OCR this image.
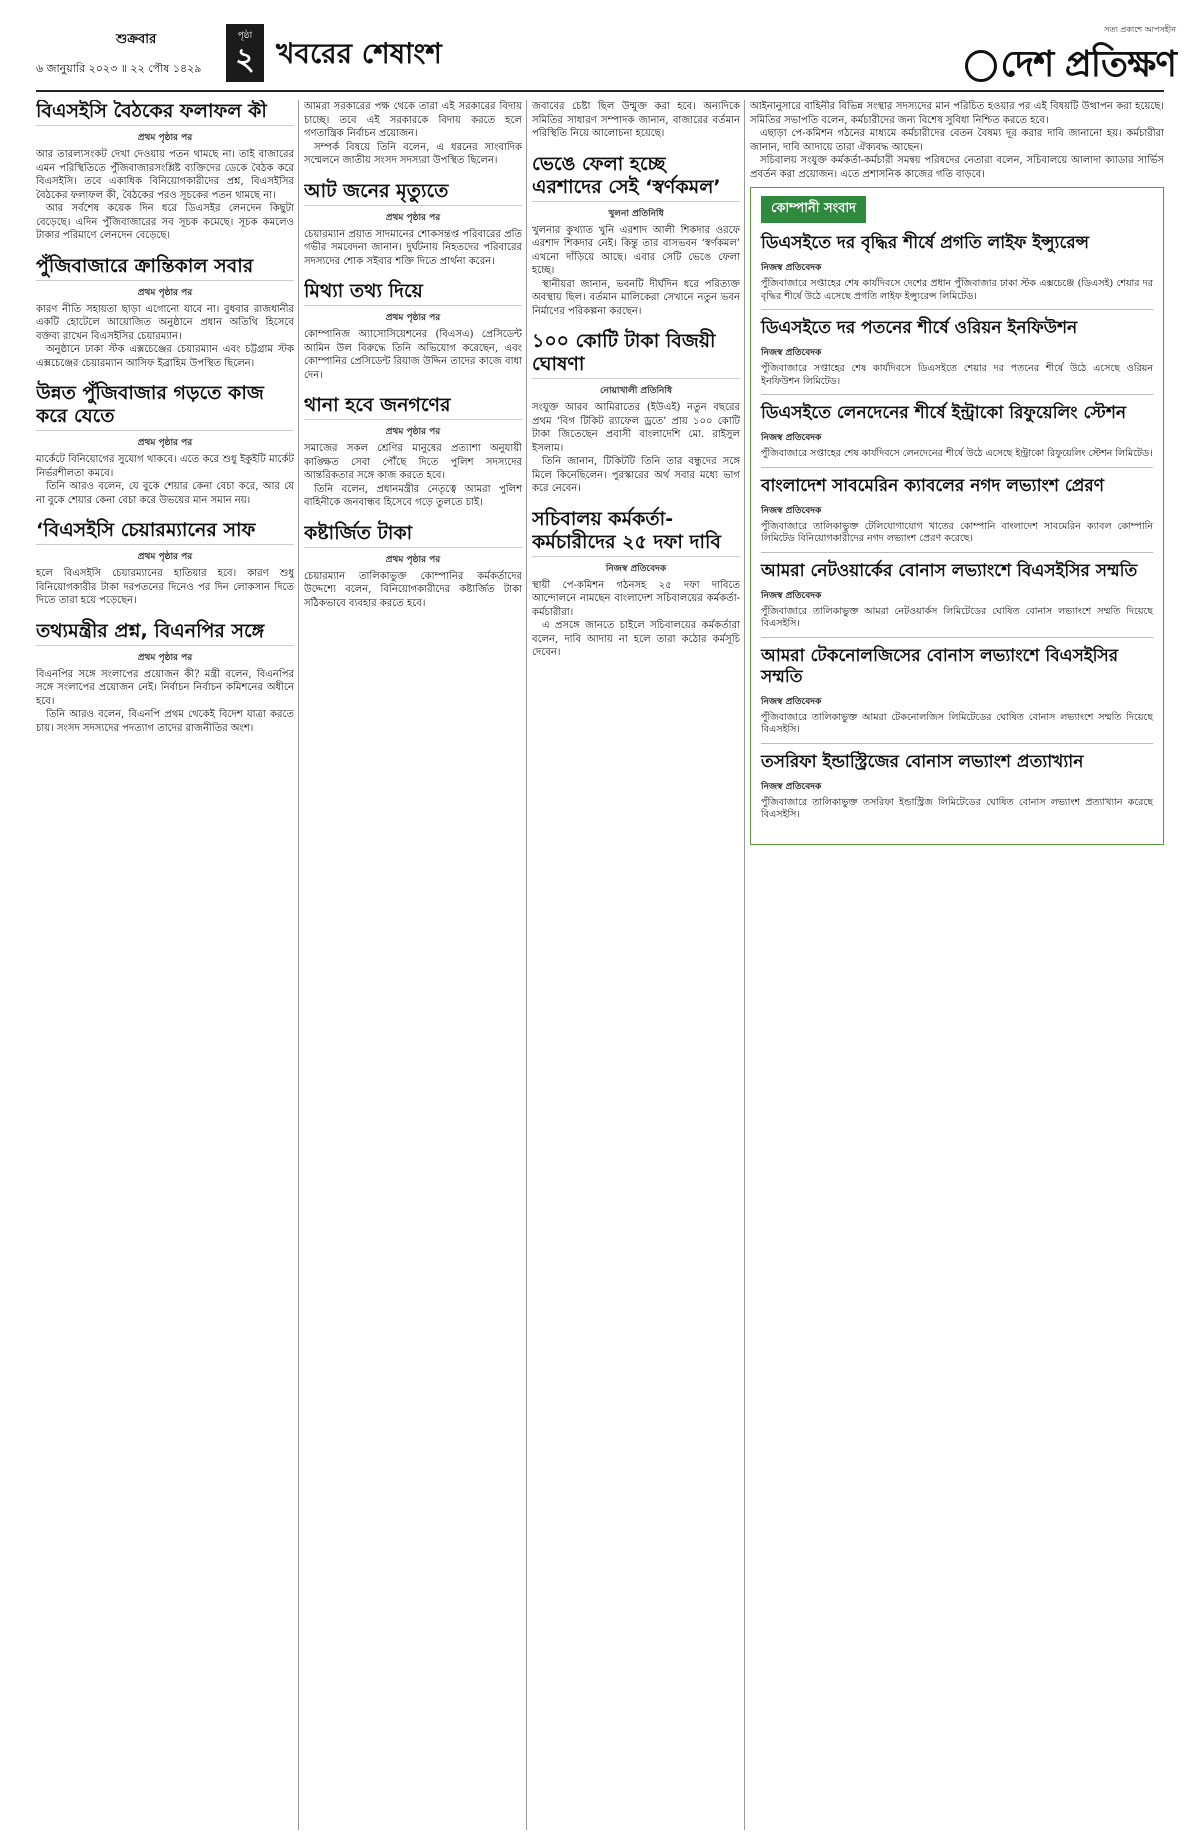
শুক্রবার
৬ জানুয়ারি ২০২৩ ॥ ২২ পৌষ ১৪২৯
পৃষ্ঠা
২ খবরের শেষাংশ
সত্য প্রকাশে আপসহীন
দেশ প্রতিক্ষণ
বিএসইসি বৈঠকের ফলাফল কী
প্রথম পৃষ্ঠার পর

আর তারল্যসংকট দেখা দেওয়ায় পতন থামছে না। তাই বাজারের এমন পরিস্থিতিতে পুঁজিবাজারসংশ্লিষ্ট ব্যক্তিদের ডেকে বৈঠক করে বিএসইসি। তবে একাধিক বিনিয়োগকারীদের প্রশ্ন, বিএসইসির বৈঠকের ফলাফল কী, বৈঠকের পরও সূচকের পতন থামছে না।

আর সর্বশেষ কয়েক দিন ধরে ডিএসইর লেনদেন কিছুটা বেড়েছে। এদিন পুঁজিবাজারের সব সূচক কমেছে। সূচক কমলেও টাকার পরিমাণে লেনদেন বেড়েছে।

পুঁজিবাজারে ক্রান্তিকাল সবার
প্রথম পৃষ্ঠার পর

কারণ নীতি সহায়তা ছাড়া এগোনো যাবে না। বুধবার রাজধানীর একটি হোটেলে আয়োজিত অনুষ্ঠানে প্রধান অতিথি হিসেবে বক্তব্য রাখেন বিএসইসির চেয়ারম্যান।

অনুষ্ঠানে ঢাকা স্টক এক্সচেঞ্জের চেয়ারম্যান এবং চট্টগ্রাম স্টক এক্সচেঞ্জের চেয়ারম্যান আসিফ ইব্রাহিম উপস্থিত ছিলেন।

উন্নত পুঁজিবাজার গড়তে কাজ করে যেতে
প্রথম পৃষ্ঠার পর

মার্কেটে বিনিয়োগের সুযোগ থাকবে। এতে করে শুধু ইকুইটি মার্কেট নির্ভরশীলতা কমবে।

তিনি আরও বলেন, যে বুকে শেয়ার কেনা বেচা করে, আর যে না বুকে শেয়ার কেনা বেচা করে উভয়ের মান সমান নয়।

‘বিএসইসি চেয়ারম্যানের সাফ
প্রথম পৃষ্ঠার পর

হলে বিএসইসি চেয়ারম্যানের হাতিয়ার হবে। কারণ শুধু বিনিয়োগকারীর টাকা দরপতনের দিনেও পর দিন লোকসান দিতে দিতে তারা হয়ে পড়েছেন।

তথ্যমন্ত্রীর প্রশ্ন, বিএনপির সঙ্গে
প্রথম পৃষ্ঠার পর

বিএনপির সঙ্গে সংলাপের প্রয়োজন কী? মন্ত্রী বলেন, বিএনপির সঙ্গে সংলাপের প্রয়োজন নেই। নির্বাচন নির্বাচন কমিশনের অধীনে হবে।

তিনি আরও বলেন, বিএনপি প্রথম থেকেই বিদেশ যাত্রা করতে চায়। সংসদ সদস্যদের পদত্যাগ তাদের রাজনীতির অংশ।

আমরা সরকারের পক্ষ থেকে তারা এই সরকারের বিদায় চাচ্ছে। তবে এই সরকারকে বিদায় করতে হলে গণতান্ত্রিক নির্বাচন প্রয়োজন।

সম্পর্ক বিষয়ে তিনি বলেন, এ ধরনের সাংবাদিক সম্মেলনে জাতীয় সংসদ সদস্যরা উপস্থিত ছিলেন।

আট জনের মৃত্যুতে
প্রথম পৃষ্ঠার পর

চেয়ারম্যান প্রয়াত সাদমানের শোকসন্তপ্ত পরিবারের প্রতি গভীর সমবেদনা জানান। দুর্ঘটনায় নিহতদের পরিবারের সদস্যদের শোক সইবার শক্তি দিতে প্রার্থনা করেন।

মিথ্যা তথ্য দিয়ে
প্রথম পৃষ্ঠার পর

কোম্পানিজ অ্যাসোসিয়েশনের (বিএসএ) প্রেসিডেন্ট আমিন উল বিরুদ্ধে তিনি অভিযোগ করেছেন, এবং কোম্পানির প্রেসিডেন্ট রিয়াজ উদ্দিন তাদের কাজে বাধা দেন।

থানা হবে জনগণের
প্রথম পৃষ্ঠার পর

সমাজের সকল শ্রেণির মানুষের প্রত্যাশা অনুযায়ী কাঙ্ক্ষিত সেবা পৌঁছে দিতে পুলিশ সদস্যদের আন্তরিকতার সঙ্গে কাজ করতে হবে।

তিনি বলেন, প্রধানমন্ত্রীর নেতৃত্বে আমরা পুলিশ বাহিনীকে জনবান্ধব হিসেবে গড়ে তুলতে চাই।

কষ্টার্জিত টাকা
প্রথম পৃষ্ঠার পর

চেয়ারম্যান তালিকাভুক্ত কোম্পানির কর্মকর্তাদের উদ্দেশ্যে বলেন, বিনিয়োগকারীদের কষ্টার্জিত টাকা সঠিকভাবে ব্যবহার করতে হবে।

জবাবের চেষ্টা ছিল উন্মুক্ত করা হবে। অন্যদিকে সমিতির সাধারণ সম্পাদক জানান, বাজারের বর্তমান পরিস্থিতি নিয়ে আলোচনা হয়েছে।

ভেঙে ফেলা হচ্ছে এরশাদের সেই ‘স্বর্ণকমল’
খুলনা প্রতিনিধি

খুলনার কুখ্যাত খুনি এরশাদ আলী শিকদার ওরফে এরশাদ শিকদার নেই। কিন্তু তার বাসভবন ‘স্বর্ণকমল’ এখনো দাঁড়িয়ে আছে। এবার সেটি ভেঙে ফেলা হচ্ছে।

স্থানীয়রা জানান, ভবনটি দীর্ঘদিন ধরে পরিত্যক্ত অবস্থায় ছিল। বর্তমান মালিকেরা সেখানে নতুন ভবন নির্মাণের পরিকল্পনা করছেন।

১০০ কোটি টাকা বিজয়ী ঘোষণা
নোয়াখালী প্রতিনিধি

সংযুক্ত আরব আমিরাতের (ইউএই) নতুন বছরের প্রথম ‘বিগ টিকিট র‍্যাফেল ড্রতে’ প্রায় ১০০ কোটি টাকা জিতেছেন প্রবাসী বাংলাদেশি মো. রাইসুল ইসলাম।

তিনি জানান, টিকিটটি তিনি তার বন্ধুদের সঙ্গে মিলে কিনেছিলেন। পুরস্কারের অর্থ সবার মধ্যে ভাগ করে নেবেন।

সচিবালয় কর্মকর্তা-কর্মচারীদের ২৫ দফা দাবি
নিজস্ব প্রতিবেদক

স্থায়ী পে-কমিশন গঠনসহ ২৫ দফা দাবিতে আন্দোলনে নামছেন বাংলাদেশ সচিবালয়ের কর্মকর্তা-কর্মচারীরা।

এ প্রসঙ্গে জানতে চাইলে সচিবালয়ের কর্মকর্তারা বলেন, দাবি আদায় না হলে তারা কঠোর কর্মসূচি দেবেন।

আইনানুসারে বাহিনীর বিভিন্ন সংস্থার সদস্যদের মান পরিচিত হওয়ার পর এই বিষয়টি উত্থাপন করা হয়েছে। সমিতির সভাপতি বলেন, কর্মচারীদের জন্য বিশেষ সুবিধা নিশ্চিত করতে হবে।

এছাড়া পে-কমিশন গঠনের মাধ্যমে কর্মচারীদের বেতন বৈষম্য দূর করার দাবি জানানো হয়। কর্মচারীরা জানান, দাবি আদায়ে তারা ঐক্যবদ্ধ আছেন।

সচিবালয় সংযুক্ত কর্মকর্তা-কর্মচারী সমন্বয় পরিষদের নেতারা বলেন, সচিবালয়ে আলাদা ক্যাডার সার্ভিস প্রবর্তন করা প্রয়োজন। এতে প্রশাসনিক কাজের গতি বাড়বে।

কোম্পানী সংবাদ
ডিএসইতে দর বৃদ্ধির শীর্ষে প্রগতি লাইফ ইন্স্যুরেন্স
নিজস্ব প্রতিবেদক

পুঁজিবাজারে সপ্তাহের শেষ কার্যদিবসে দেশের প্রধান পুঁজিবাজার ঢাকা স্টক এক্সচেঞ্জে (ডিএসই) শেয়ার দর বৃদ্ধির শীর্ষে উঠে এসেছে প্রগতি লাইফ ইন্স্যুরেন্স লিমিটেড।

ডিএসইতে দর পতনের শীর্ষে ওরিয়ন ইনফিউশন
নিজস্ব প্রতিবেদক

পুঁজিবাজারে সপ্তাহের শেষ কার্যদিবসে ডিএসইতে শেয়ার দর পতনের শীর্ষে উঠে এসেছে ওরিয়ন ইনফিউশন লিমিটেড।

ডিএসইতে লেনদেনের শীর্ষে ইন্ট্রাকো রিফুয়েলিং স্টেশন
নিজস্ব প্রতিবেদক

পুঁজিবাজারে সপ্তাহের শেষ কার্যদিবসে লেনদেনের শীর্ষে উঠে এসেছে ইন্ট্রাকো রিফুয়েলিং স্টেশন লিমিটেড।

বাংলাদেশ সাবমেরিন ক্যাবলের নগদ লভ্যাংশ প্রেরণ
নিজস্ব প্রতিবেদক

পুঁজিবাজারে তালিকাভুক্ত টেলিযোগাযোগ খাতের কোম্পানি বাংলাদেশ সাবমেরিন ক্যাবল কোম্পানি লিমিটেড বিনিয়োগকারীদের নগদ লভ্যাংশ প্রেরণ করেছে।

আমরা নেটওয়ার্কের বোনাস লভ্যাংশে বিএসইসির সম্মতি
নিজস্ব প্রতিবেদক

পুঁজিবাজারে তালিকাভুক্ত আমরা নেটওয়ার্কস লিমিটেডের ঘোষিত বোনাস লভ্যাংশে সম্মতি দিয়েছে বিএসইসি।

আমরা টেকনোলজিসের বোনাস লভ্যাংশে বিএসইসির সম্মতি
নিজস্ব প্রতিবেদক

পুঁজিবাজারে তালিকাভুক্ত আমরা টেকনোলজিস লিমিটেডের ঘোষিত বোনাস লভ্যাংশে সম্মতি দিয়েছে বিএসইসি।

তসরিফা ইন্ডাস্ট্রিজের বোনাস লভ্যাংশ প্রত্যাখ্যান
নিজস্ব প্রতিবেদক

পুঁজিবাজারে তালিকাভুক্ত তসরিফা ইন্ডাস্ট্রিজ লিমিটেডের ঘোষিত বোনাস লভ্যাংশ প্রত্যাখ্যান করেছে বিএসইসি।
